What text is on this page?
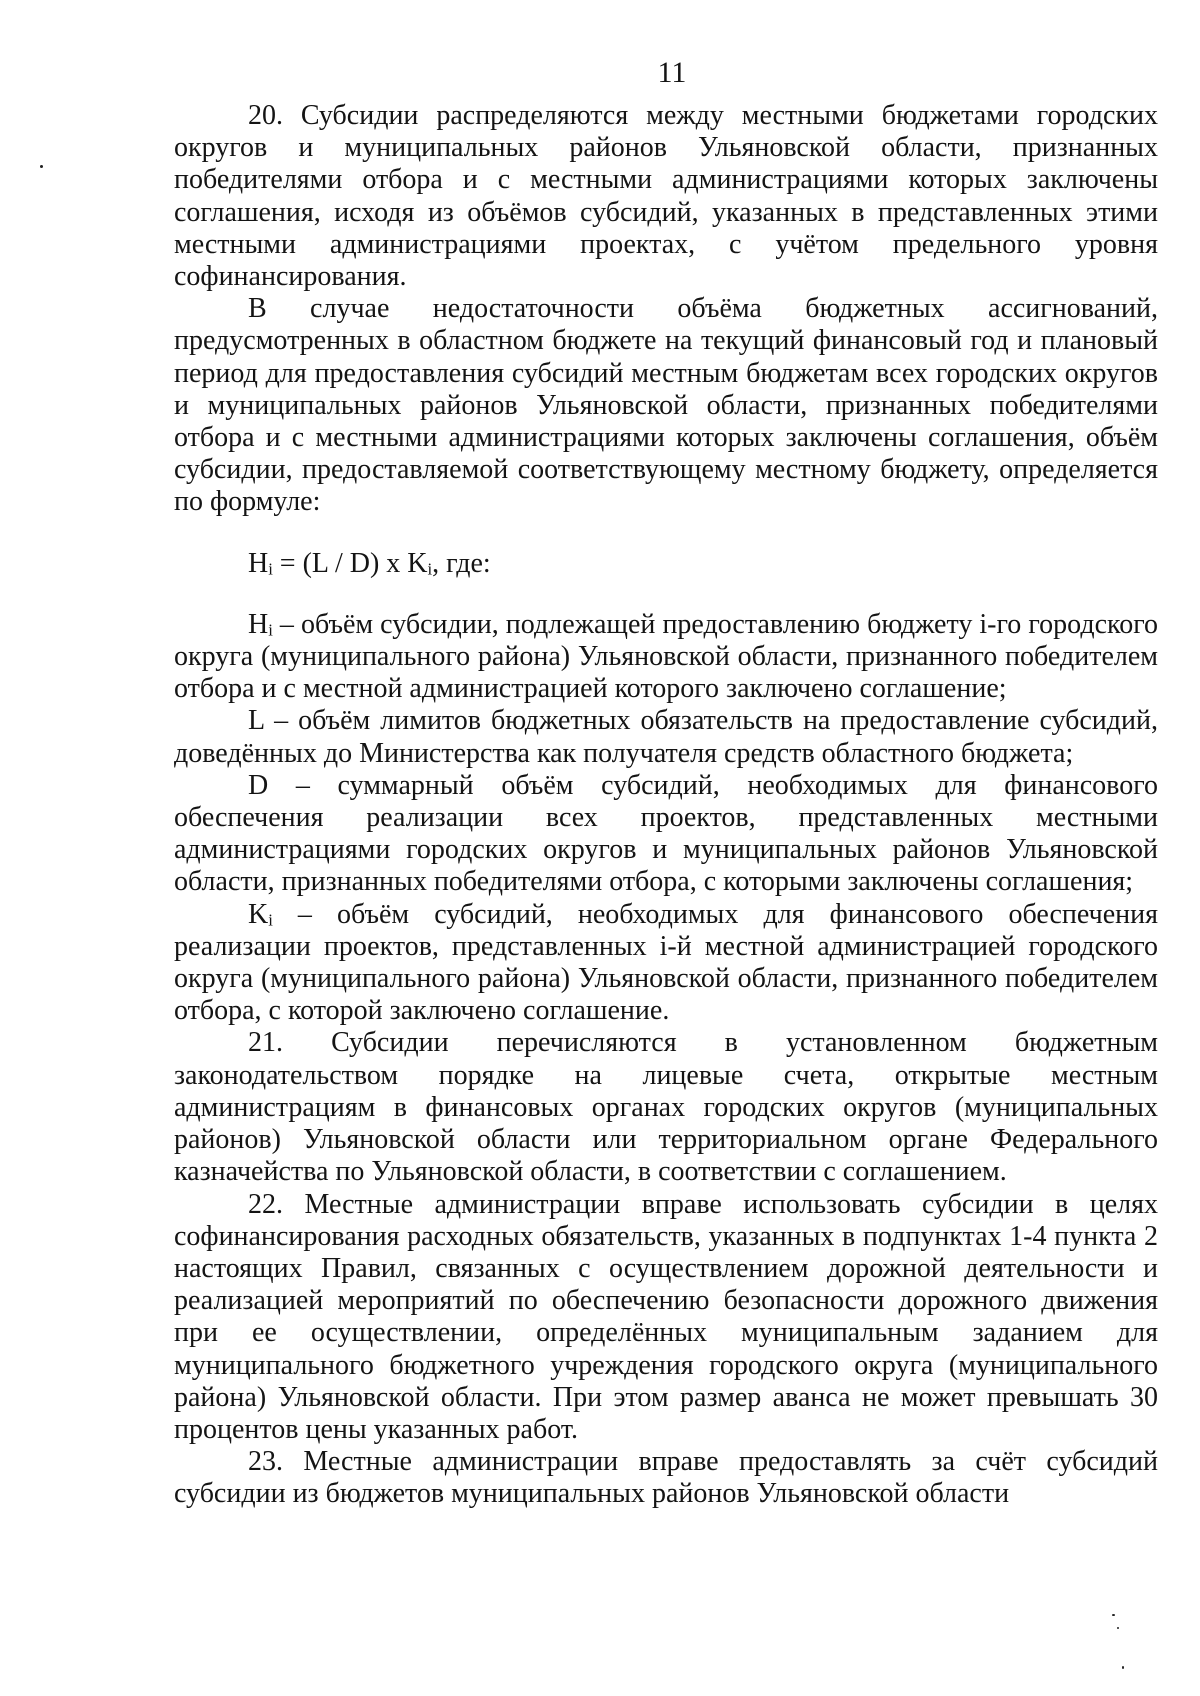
11

20. Субсидии распределяются между местными бюджетами городских округов и муниципальных районов Ульяновской области, признанных победителями отбора и с местными администрациями которых заключены соглашения, исходя из объёмов субсидий, указанных в представленных этими местными администрациями проектах, с учётом предельного уровня софинансирования.

В случае недостаточности объёма бюджетных ассигнований, предусмотренных в областном бюджете на текущий финансовый год и плановый период для предоставления субсидий местным бюджетам всех городских округов и муниципальных районов Ульяновской области, признанных победителями отбора и с местными администрациями которых заключены соглашения, объём субсидии, предоставляемой соответствующему местному бюджету, определяется по формуле:

Hᵢ = (L / D) x Kᵢ, где:

Hᵢ – объём субсидии, подлежащей предоставлению бюджету i-го городского округа (муниципального района) Ульяновской области, признанного победителем отбора и с местной администрацией которого заключено соглашение;

L – объём лимитов бюджетных обязательств на предоставление субсидий, доведённых до Министерства как получателя средств областного бюджета;

D – суммарный объём субсидий, необходимых для финансового обеспечения реализации всех проектов, представленных местными администрациями городских округов и муниципальных районов Ульяновской области, признанных победителями отбора, с которыми заключены соглашения;

Kᵢ – объём субсидий, необходимых для финансового обеспечения реализации проектов, представленных i-й местной администрацией городского округа (муниципального района) Ульяновской области, признанного победителем отбора, с которой заключено соглашение.

21. Субсидии перечисляются в установленном бюджетным законодательством порядке на лицевые счета, открытые местным администрациям в финансовых органах городских округов (муниципальных районов) Ульяновской области или территориальном органе Федерального казначейства по Ульяновской области, в соответствии с соглашением.

22. Местные администрации вправе использовать субсидии в целях софинансирования расходных обязательств, указанных в подпунктах 1-4 пункта 2 настоящих Правил, связанных с осуществлением дорожной деятельности и реализацией мероприятий по обеспечению безопасности дорожного движения при ее осуществлении, определённых муниципальным заданием для муниципального бюджетного учреждения городского округа (муниципального района) Ульяновской области. При этом размер аванса не может превышать 30 процентов цены указанных работ.

23. Местные администрации вправе предоставлять за счёт субсидий субсидии из бюджетов муниципальных районов Ульяновской области
